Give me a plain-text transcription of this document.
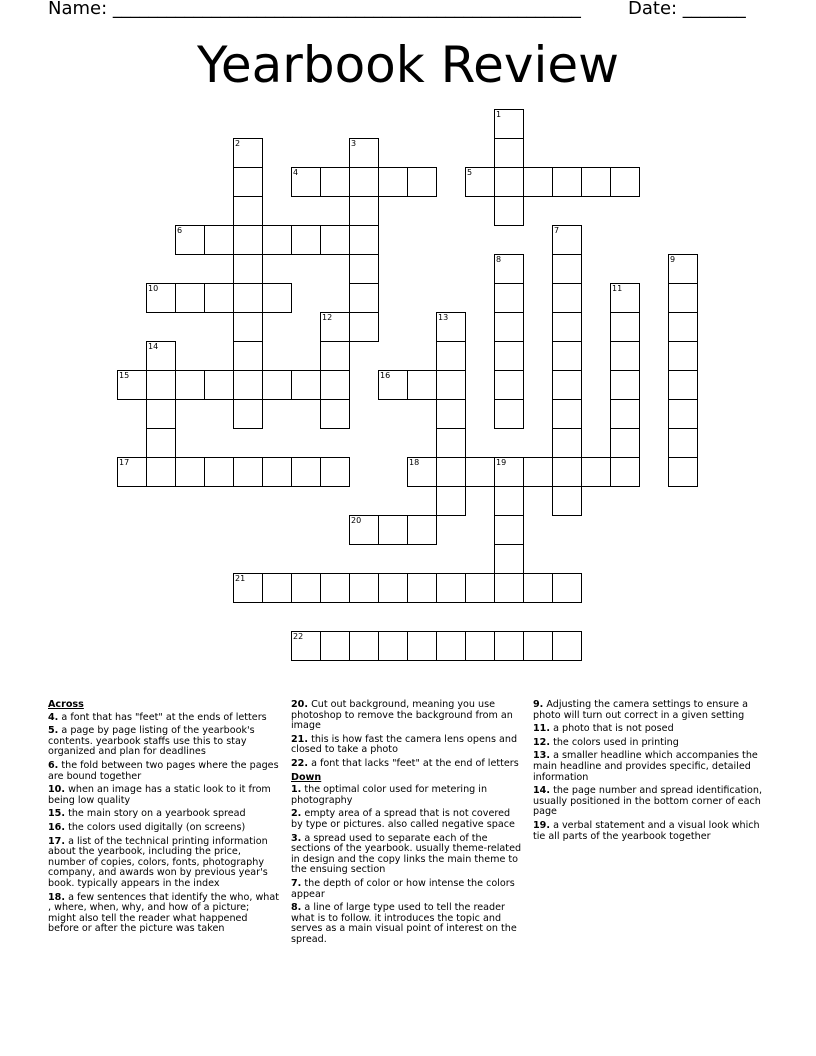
Name: ____________________________________________________	Date: _______
Yearbook Review
1
2	3
4	5
6	7
8	9
10	11
12	13
14
15	16
17	18	19
20
21
22
Across
4. a font that has "feet" at the ends of letters
5. a page by page listing of the yearbook's contents. yearbook staffs use this to stay organized and plan for deadlines
6. the fold between two pages where the pages are bound together
10. when an image has a static look to it from being low quality
15. the main story on a yearbook spread
16. the colors used digitally (on screens)
17. a list of the technical printing information about the yearbook, including the price, number of copies, colors, fonts, photography company, and awards won by previous year's book. typically appears in the index
18. a few sentences that identify the who, what , where, when, why, and how of a picture; might also tell the reader what happened before or after the picture was taken
20. Cut out background, meaning you use photoshop to remove the background from an image
21. this is how fast the camera lens opens and closed to take a photo
22. a font that lacks "feet" at the end of letters
Down
1. the optimal color used for metering in photography
2. empty area of a spread that is not covered by type or pictures. also called negative space
3. a spread used to separate each of the sections of the yearbook. usually theme-related in design and the copy links the main theme to the ensuing section
7. the depth of color or how intense the colors appear
8. a line of large type used to tell the reader what is to follow. it introduces the topic and serves as a main visual point of interest on the spread.
9. Adjusting the camera settings to ensure a photo will turn out correct in a given setting
11. a photo that is not posed
12. the colors used in printing
13. a smaller headline which accompanies the main headline and provides specific, detailed information
14. the page number and spread identification, usually positioned in the bottom corner of each page
19. a verbal statement and a visual look which tie all parts of the yearbook together
